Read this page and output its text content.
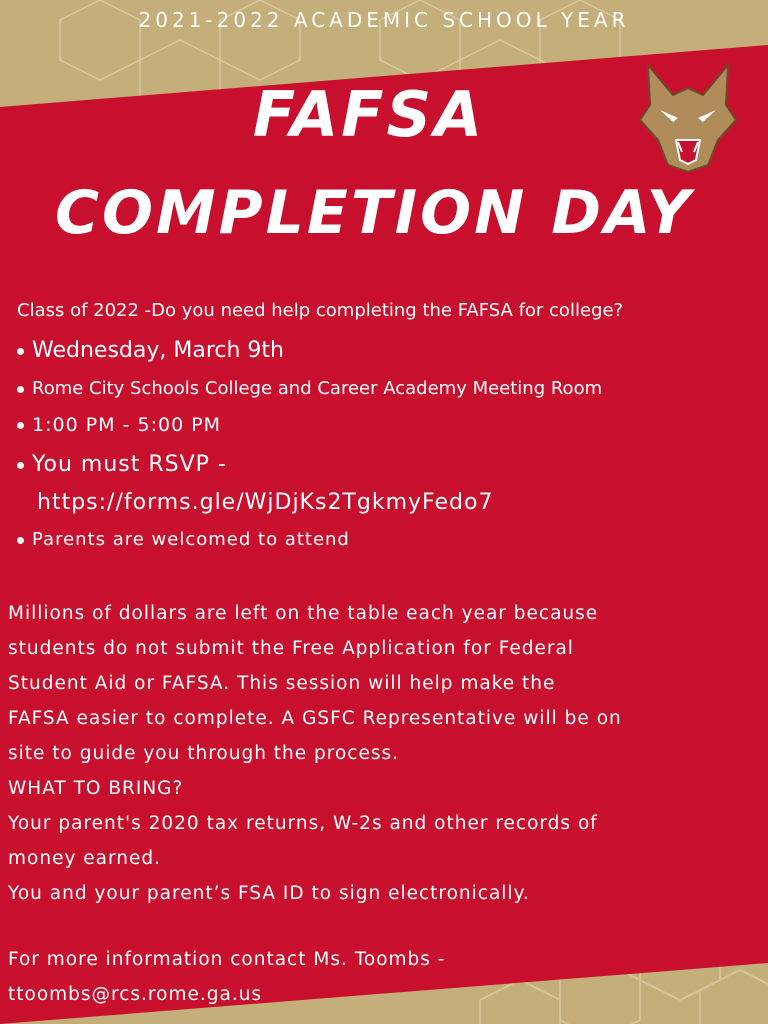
2021-2022 ACADEMIC SCHOOL YEAR
FAFSA
COMPLETION DAY
Class of 2022 -Do you need help completing the FAFSA for college?
Wednesday, March 9th
Rome City Schools College and Career Academy Meeting Room
1:00 PM - 5:00 PM
You must RSVP -
https://forms.gle/WjDjKs2TgkmyFedo7
Parents are welcomed to attend
Millions of dollars are left on the table each year because
students do not submit the Free Application for Federal
Student Aid or FAFSA. This session will help make the
FAFSA easier to complete. A GSFC Representative will be on
site to guide you through the process.
WHAT TO BRING?
Your parent's 2020 tax returns, W-2s and other records of
money earned.
You and your parent’s FSA ID to sign electronically.
For more information contact Ms. Toombs -
ttoombs@rcs.rome.ga.us
